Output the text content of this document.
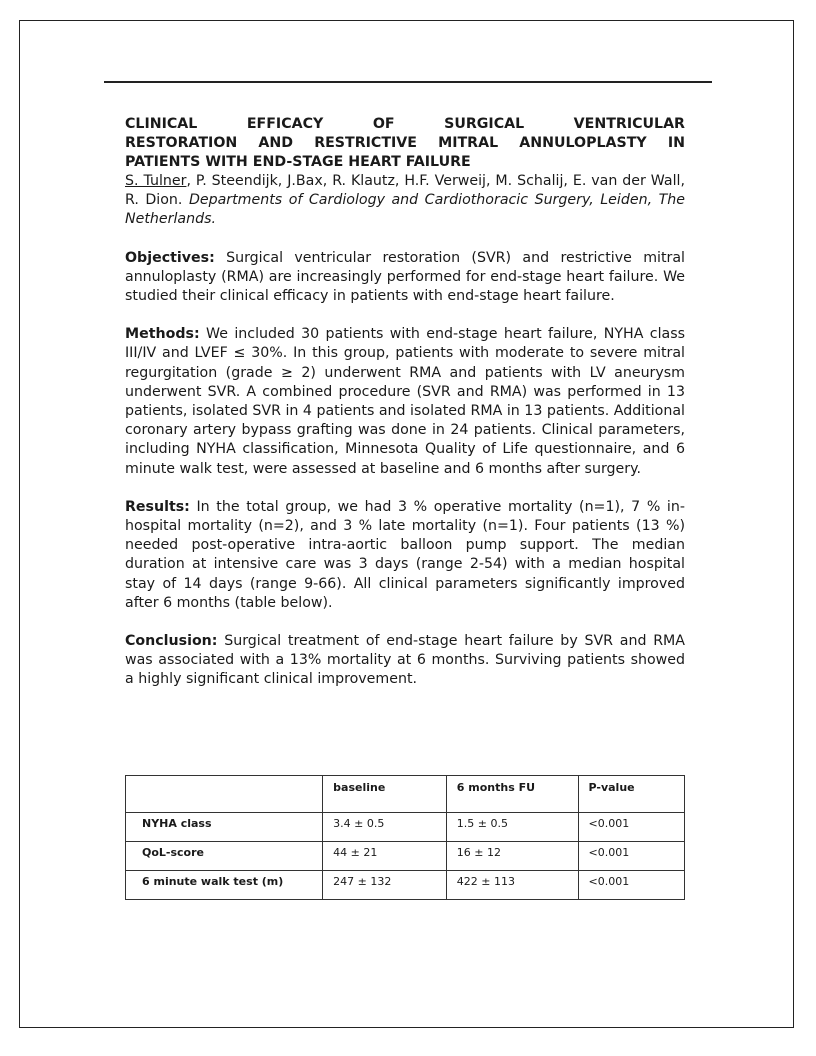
CLINICAL EFFICACY OF SURGICAL VENTRICULAR
RESTORATION AND RESTRICTIVE MITRAL ANNULOPLASTY IN
PATIENTS WITH END-STAGE HEART FAILURE

S. Tulner, P. Steendijk, J.Bax, R. Klautz, H.F. Verweij, M. Schalij, E. van der Wall, R. Dion. Departments of Cardiology and Cardiothoracic Surgery, Leiden, The Netherlands.

Objectives: Surgical ventricular restoration (SVR) and restrictive mitral annuloplasty (RMA) are increasingly performed for end-stage heart failure. We studied their clinical efficacy in patients with end-stage heart failure.

Methods: We included 30 patients with end-stage heart failure, NYHA class III/IV and LVEF ≤ 30%. In this group, patients with moderate to severe mitral regurgitation (grade ≥ 2) underwent RMA and patients with LV aneurysm underwent SVR. A combined procedure (SVR and RMA) was performed in 13 patients, isolated SVR in 4 patients and isolated RMA in 13 patients. Additional coronary artery bypass grafting was done in 24 patients. Clinical parameters, including NYHA classification, Minnesota Quality of Life questionnaire, and 6 minute walk test, were assessed at baseline and 6 months after surgery.

Results: In the total group, we had 3 % operative mortality (n=1), 7 % in-hospital mortality (n=2), and 3 % late mortality (n=1). Four patients (13 %) needed post-operative intra-aortic balloon pump support. The median duration at intensive care was 3 days (range 2-54) with a median hospital stay of 14 days (range 9-66). All clinical parameters significantly improved after 6 months (table below).

Conclusion: Surgical treatment of end-stage heart failure by SVR and RMA was associated with a 13% mortality at 6 months. Surviving patients showed a highly significant clinical improvement.

	baseline	6 months FU	P-value
NYHA class	3.4 ± 0.5	1.5 ± 0.5	<0.001
QoL-score	44 ± 21	16 ± 12	<0.001
6 minute walk test (m)	247 ± 132	422 ± 113	<0.001
